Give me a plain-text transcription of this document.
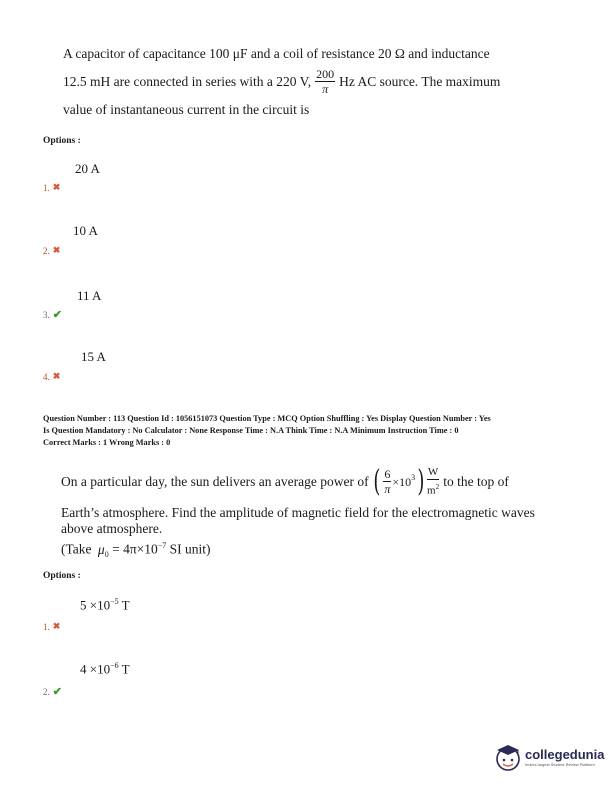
A capacitor of capacitance 100 μF and a coil of resistance 20 Ω and inductance
12.5 mH are connected in series with a 220 V, $\frac{200}{\pi}$ Hz AC source. The maximum
value of instantaneous current in the circuit is
Options :
20 A
1. ✖
10 A
2. ✖
11 A
3. ✔
15 A
4. ✖
Question Number : 113 Question Id : 1056151073 Question Type : MCQ Option Shuffling : Yes Display Question Number : Yes
Is Question Mandatory : No Calculator : None Response Time : N.A Think Time : N.A Minimum Instruction Time : 0
Correct Marks : 1 Wrong Marks : 0
On a particular day, the sun delivers an average power of ( $\frac{6}{\pi} \times 10^3$ ) $\frac{W}{m^2}$ to the top of
Earth’s atmosphere. Find the amplitude of magnetic field for the electromagnetic waves
above atmosphere.
(Take $\mu_0 = 4\pi\times 10^{-7}$ SI unit)
Options :
$5 \times 10^{-5}$ T
1. ✖
$4 \times 10^{-6}$ T
2. ✔
collegedunia
India's largest Student Review Platform
